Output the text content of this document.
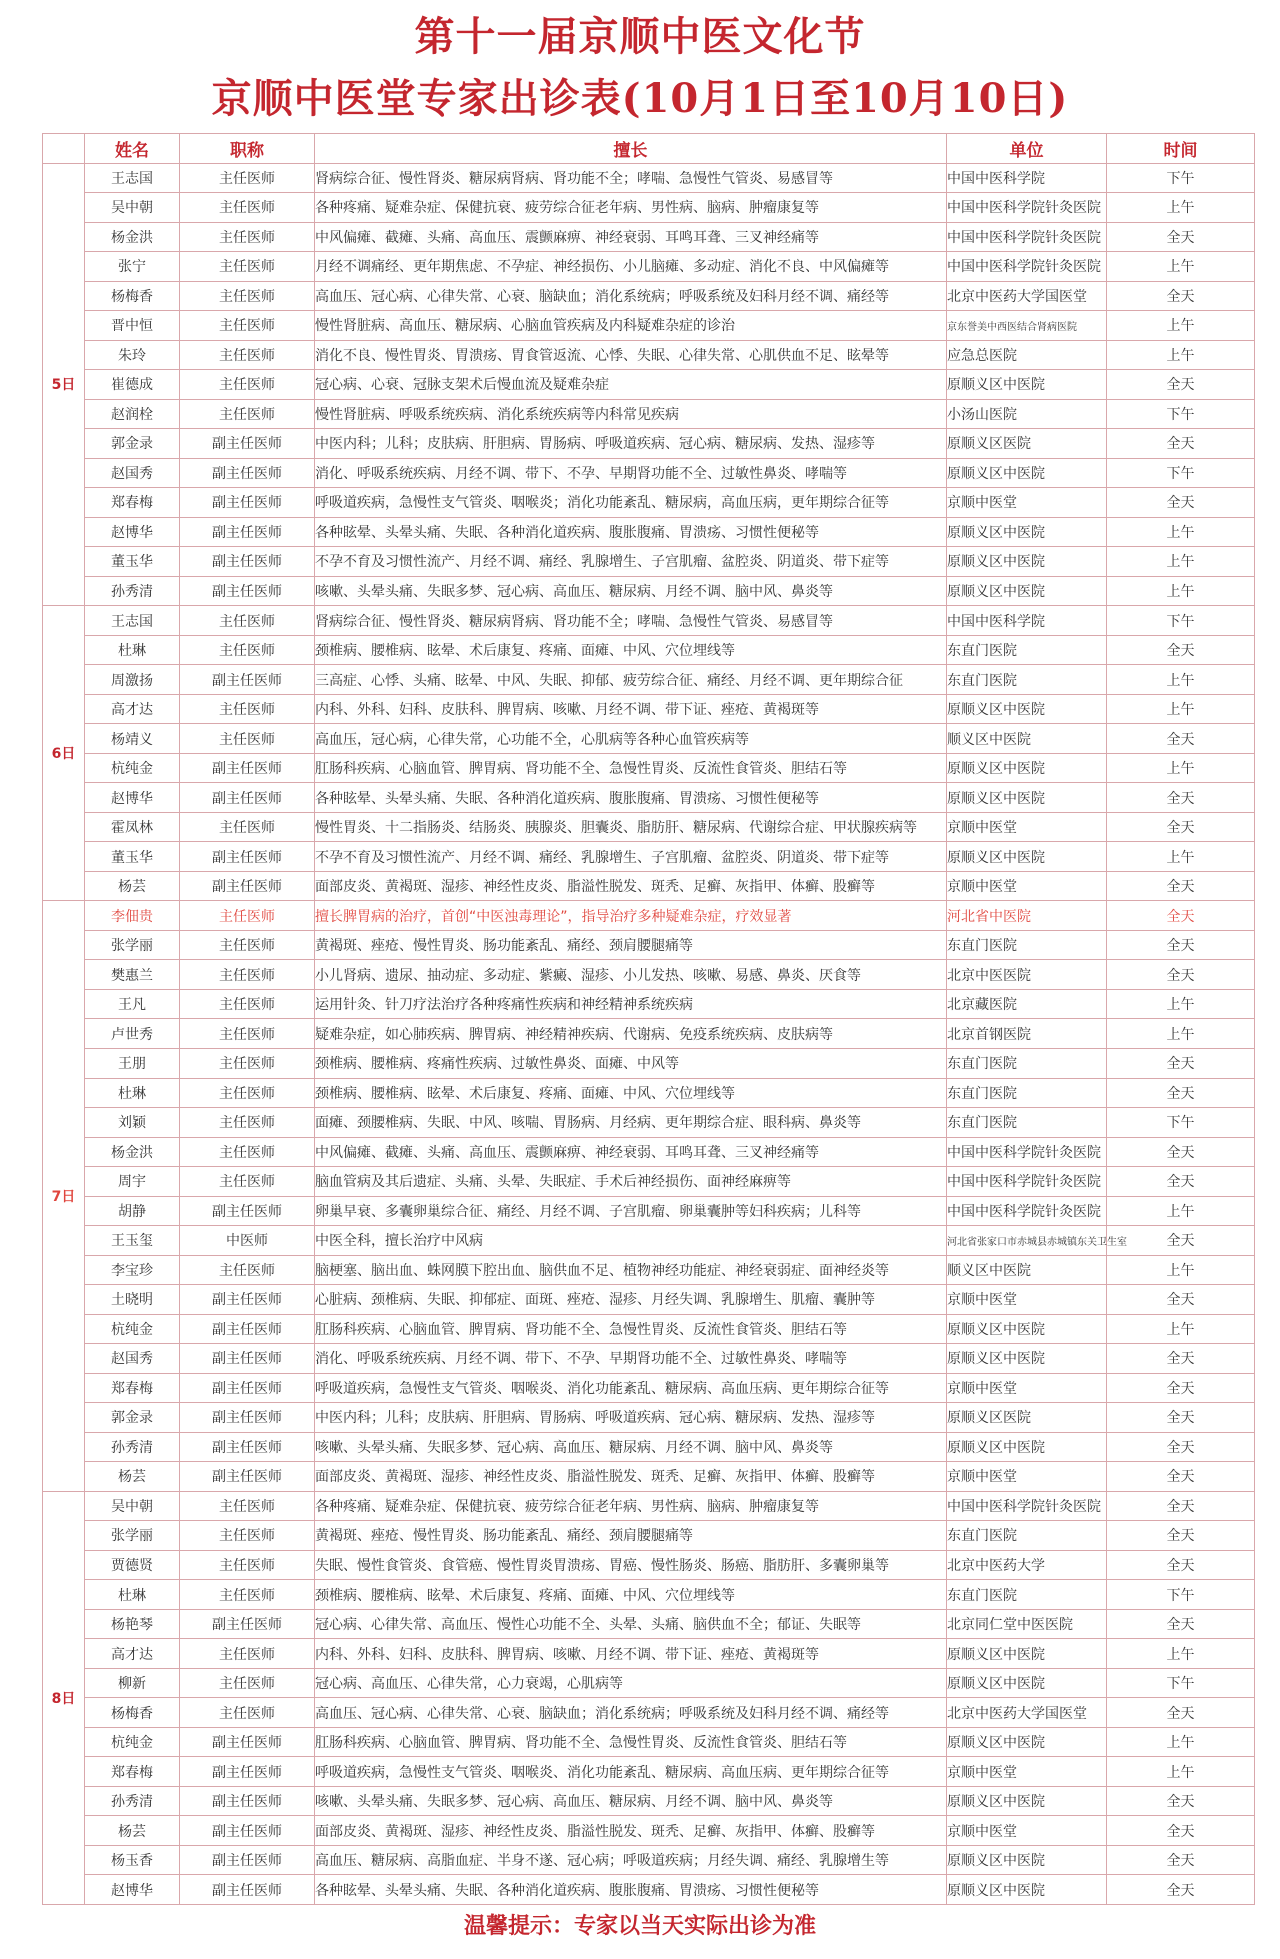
第十一届京顺中医文化节
京顺中医堂专家出诊表(10月1日至10月10日)
	姓名	职称	擅长	单位	时间
5日	王志国	主任医师	肾病综合征、慢性肾炎、糖尿病肾病、肾功能不全；哮喘、急慢性气管炎、易感冒等	中国中医科学院	下午
	吴中朝	主任医师	各种疼痛、疑难杂症、保健抗衰、疲劳综合征老年病、男性病、脑病、肿瘤康复等	中国中医科学院针灸医院	上午
	杨金洪	主任医师	中风偏瘫、截瘫、头痛、高血压、震颤麻痹、神经衰弱、耳鸣耳聋、三叉神经痛等	中国中医科学院针灸医院	全天
	张宁	主任医师	月经不调痛经、更年期焦虑、不孕症、神经损伤、小儿脑瘫、多动症、消化不良、中风偏瘫等	中国中医科学院针灸医院	上午
	杨梅香	主任医师	高血压、冠心病、心律失常、心衰、脑缺血；消化系统病；呼吸系统及妇科月经不调、痛经等	北京中医药大学国医堂	全天
	晋中恒	主任医师	慢性肾脏病、高血压、糖尿病、心脑血管疾病及内科疑难杂症的诊治	京东誉美中西医结合肾病医院	上午
	朱玲	主任医师	消化不良、慢性胃炎、胃溃疡、胃食管返流、心悸、失眠、心律失常、心肌供血不足、眩晕等	应急总医院	上午
	崔德成	主任医师	冠心病、心衰、冠脉支架术后慢血流及疑难杂症	原顺义区中医院	全天
	赵润栓	主任医师	慢性肾脏病、呼吸系统疾病、消化系统疾病等内科常见疾病	小汤山医院	下午
	郭金录	副主任医师	中医内科；儿科；皮肤病、肝胆病、胃肠病、呼吸道疾病、冠心病、糖尿病、发热、湿疹等	原顺义区医院	全天
	赵国秀	副主任医师	消化、呼吸系统疾病、月经不调、带下、不孕、早期肾功能不全、过敏性鼻炎、哮喘等	原顺义区中医院	下午
	郑春梅	副主任医师	呼吸道疾病，急慢性支气管炎、咽喉炎；消化功能紊乱、糖尿病，高血压病，更年期综合征等	京顺中医堂	全天
	赵博华	副主任医师	各种眩晕、头晕头痛、失眠、各种消化道疾病、腹胀腹痛、胃溃疡、习惯性便秘等	原顺义区中医院	上午
	董玉华	副主任医师	不孕不育及习惯性流产、月经不调、痛经、乳腺增生、子宫肌瘤、盆腔炎、阴道炎、带下症等	原顺义区中医院	上午
	孙秀清	副主任医师	咳嗽、头晕头痛、失眠多梦、冠心病、高血压、糖尿病、月经不调、脑中风、鼻炎等	原顺义区中医院	上午
6日	王志国	主任医师	肾病综合征、慢性肾炎、糖尿病肾病、肾功能不全；哮喘、急慢性气管炎、易感冒等	中国中医科学院	下午
	杜琳	主任医师	颈椎病、腰椎病、眩晕、术后康复、疼痛、面瘫、中风、穴位埋线等	东直门医院	全天
	周激扬	副主任医师	三高症、心悸、头痛、眩晕、中风、失眠、抑郁、疲劳综合征、痛经、月经不调、更年期综合征	东直门医院	上午
	高才达	主任医师	内科、外科、妇科、皮肤科、脾胃病、咳嗽、月经不调、带下证、痤疮、黄褐斑等	原顺义区中医院	上午
	杨靖义	主任医师	高血压，冠心病，心律失常，心功能不全，心肌病等各种心血管疾病等	顺义区中医院	全天
	杭纯金	副主任医师	肛肠科疾病、心脑血管、脾胃病、肾功能不全、急慢性胃炎、反流性食管炎、胆结石等	原顺义区中医院	上午
	赵博华	副主任医师	各种眩晕、头晕头痛、失眠、各种消化道疾病、腹胀腹痛、胃溃疡、习惯性便秘等	原顺义区中医院	全天
	霍凤林	主任医师	慢性胃炎、十二指肠炎、结肠炎、胰腺炎、胆囊炎、脂肪肝、糖尿病、代谢综合症、甲状腺疾病等	京顺中医堂	全天
	董玉华	副主任医师	不孕不育及习惯性流产、月经不调、痛经、乳腺增生、子宫肌瘤、盆腔炎、阴道炎、带下症等	原顺义区中医院	上午
	杨芸	副主任医师	面部皮炎、黄褐斑、湿疹、神经性皮炎、脂溢性脱发、斑秃、足癣、灰指甲、体癣、股癣等	京顺中医堂	全天
7日	李佃贵	主任医师	擅长脾胃病的治疗，首创“中医浊毒理论”，指导治疗多种疑难杂症，疗效显著	河北省中医院	全天
	张学丽	主任医师	黄褐斑、痤疮、慢性胃炎、肠功能紊乱、痛经、颈肩腰腿痛等	东直门医院	全天
	樊惠兰	主任医师	小儿肾病、遗尿、抽动症、多动症、紫癜、湿疹、小儿发热、咳嗽、易感、鼻炎、厌食等	北京中医医院	全天
	王凡	主任医师	运用针灸、针刀疗法治疗各种疼痛性疾病和神经精神系统疾病	北京藏医院	上午
	卢世秀	主任医师	疑难杂症，如心肺疾病、脾胃病、神经精神疾病、代谢病、免疫系统疾病、皮肤病等	北京首钢医院	上午
	王朋	主任医师	颈椎病、腰椎病、疼痛性疾病、过敏性鼻炎、面瘫、中风等	东直门医院	全天
	杜琳	主任医师	颈椎病、腰椎病、眩晕、术后康复、疼痛、面瘫、中风、穴位埋线等	东直门医院	全天
	刘颖	主任医师	面瘫、颈腰椎病、失眠、中风、咳喘、胃肠病、月经病、更年期综合症、眼科病、鼻炎等	东直门医院	下午
	杨金洪	主任医师	中风偏瘫、截瘫、头痛、高血压、震颤麻痹、神经衰弱、耳鸣耳聋、三叉神经痛等	中国中医科学院针灸医院	全天
	周宇	主任医师	脑血管病及其后遗症、头痛、头晕、失眠症、手术后神经损伤、面神经麻痹等	中国中医科学院针灸医院	全天
	胡静	副主任医师	卵巢早衰、多囊卵巢综合征、痛经、月经不调、子宫肌瘤、卵巢囊肿等妇科疾病；儿科等	中国中医科学院针灸医院	上午
	王玉玺	中医师	中医全科，擅长治疗中风病	河北省张家口市赤城县赤城镇东关卫生室	全天
	李宝珍	主任医师	脑梗塞、脑出血、蛛网膜下腔出血、脑供血不足、植物神经功能症、神经衰弱症、面神经炎等	顺义区中医院	上午
	土晓明	副主任医师	心脏病、颈椎病、失眠、抑郁症、面斑、痤疮、湿疹、月经失调、乳腺增生、肌瘤、囊肿等	京顺中医堂	全天
	杭纯金	副主任医师	肛肠科疾病、心脑血管、脾胃病、肾功能不全、急慢性胃炎、反流性食管炎、胆结石等	原顺义区中医院	上午
	赵国秀	副主任医师	消化、呼吸系统疾病、月经不调、带下、不孕、早期肾功能不全、过敏性鼻炎、哮喘等	原顺义区中医院	全天
	郑春梅	副主任医师	呼吸道疾病，急慢性支气管炎、咽喉炎、消化功能紊乱、糖尿病、高血压病、更年期综合征等	京顺中医堂	全天
	郭金录	副主任医师	中医内科；儿科；皮肤病、肝胆病、胃肠病、呼吸道疾病、冠心病、糖尿病、发热、湿疹等	原顺义区医院	全天
	孙秀清	副主任医师	咳嗽、头晕头痛、失眠多梦、冠心病、高血压、糖尿病、月经不调、脑中风、鼻炎等	原顺义区中医院	全天
	杨芸	副主任医师	面部皮炎、黄褐斑、湿疹、神经性皮炎、脂溢性脱发、斑秃、足癣、灰指甲、体癣、股癣等	京顺中医堂	全天
8日	吴中朝	主任医师	各种疼痛、疑难杂症、保健抗衰、疲劳综合征老年病、男性病、脑病、肿瘤康复等	中国中医科学院针灸医院	全天
	张学丽	主任医师	黄褐斑、痤疮、慢性胃炎、肠功能紊乱、痛经、颈肩腰腿痛等	东直门医院	全天
	贾德贤	主任医师	失眠、慢性食管炎、食管癌、慢性胃炎胃溃疡、胃癌、慢性肠炎、肠癌、脂肪肝、多囊卵巢等	北京中医药大学	全天
	杜琳	主任医师	颈椎病、腰椎病、眩晕、术后康复、疼痛、面瘫、中风、穴位埋线等	东直门医院	下午
	杨艳琴	副主任医师	冠心病、心律失常、高血压、慢性心功能不全、头晕、头痛、脑供血不全；郁证、失眠等	北京同仁堂中医医院	全天
	高才达	主任医师	内科、外科、妇科、皮肤科、脾胃病、咳嗽、月经不调、带下证、痤疮、黄褐斑等	原顺义区中医院	上午
	柳新	主任医师	冠心病、高血压、心律失常，心力衰竭，心肌病等	原顺义区中医院	下午
	杨梅香	主任医师	高血压、冠心病、心律失常、心衰、脑缺血；消化系统病；呼吸系统及妇科月经不调、痛经等	北京中医药大学国医堂	全天
	杭纯金	副主任医师	肛肠科疾病、心脑血管、脾胃病、肾功能不全、急慢性胃炎、反流性食管炎、胆结石等	原顺义区中医院	上午
	郑春梅	副主任医师	呼吸道疾病，急慢性支气管炎、咽喉炎、消化功能紊乱、糖尿病、高血压病、更年期综合征等	京顺中医堂	上午
	孙秀清	副主任医师	咳嗽、头晕头痛、失眠多梦、冠心病、高血压、糖尿病、月经不调、脑中风、鼻炎等	原顺义区中医院	全天
	杨芸	副主任医师	面部皮炎、黄褐斑、湿疹、神经性皮炎、脂溢性脱发、斑秃、足癣、灰指甲、体癣、股癣等	京顺中医堂	全天
	杨玉香	副主任医师	高血压、糖尿病、高脂血症、半身不遂、冠心病；呼吸道疾病；月经失调、痛经、乳腺增生等	原顺义区中医院	全天
	赵博华	副主任医师	各种眩晕、头晕头痛、失眠、各种消化道疾病、腹胀腹痛、胃溃疡、习惯性便秘等	原顺义区中医院	全天
温馨提示：专家以当天实际出诊为准
